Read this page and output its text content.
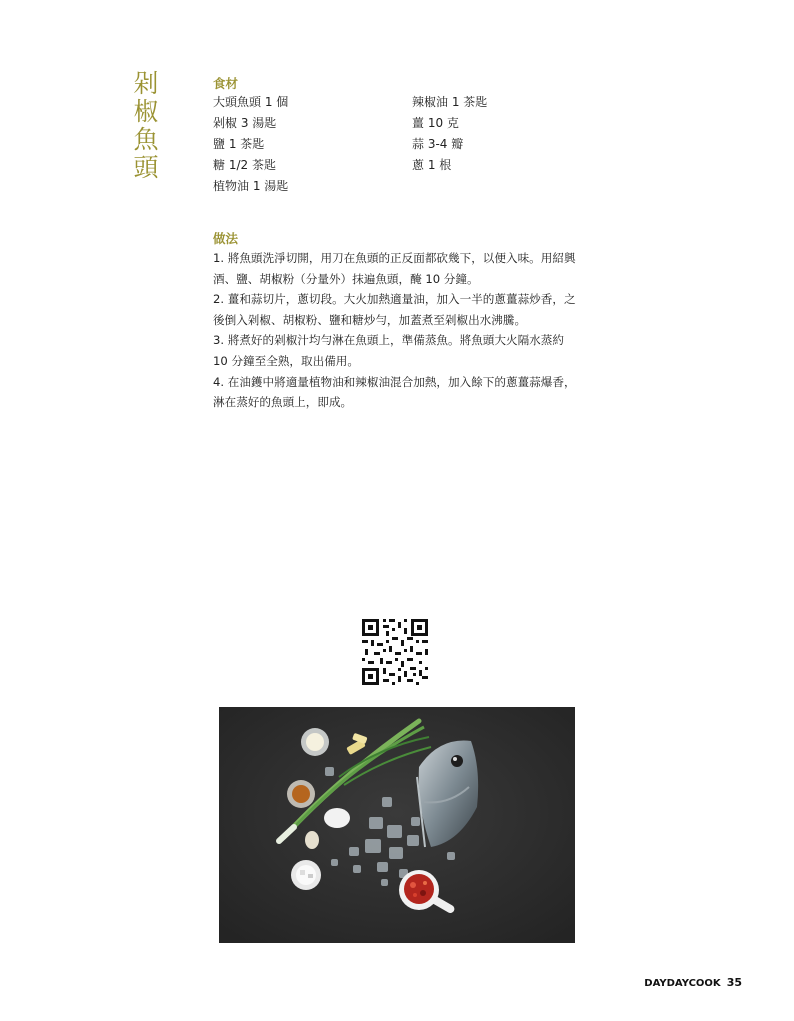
剁
椒
魚
頭
食材
大頭魚頭 1 個
剁椒 3 湯匙
鹽 1 茶匙
糖 1/2 茶匙
植物油 1 湯匙
辣椒油 1 茶匙
薑 10 克
蒜 3-4 瓣
蔥 1 根
做法

1. 將魚頭洗淨切開，用刀在魚頭的正反面都砍幾下，以便入味。用紹興酒、鹽、胡椒粉（分量外）抹遍魚頭，醃 10 分鐘。

2. 薑和蒜切片，蔥切段。大火加熱適量油，加入一半的蔥薑蒜炒香，之後倒入剁椒、胡椒粉、鹽和糖炒勻，加蓋煮至剁椒出水沸騰。

3. 將煮好的剁椒汁均勻淋在魚頭上，準備蒸魚。將魚頭大火隔水蒸約 10 分鐘至全熟，取出備用。

4. 在油鑊中將適量植物油和辣椒油混合加熱，加入餘下的蔥薑蒜爆香，淋在蒸好的魚頭上，即成。

DAYDAYCOOK 35
